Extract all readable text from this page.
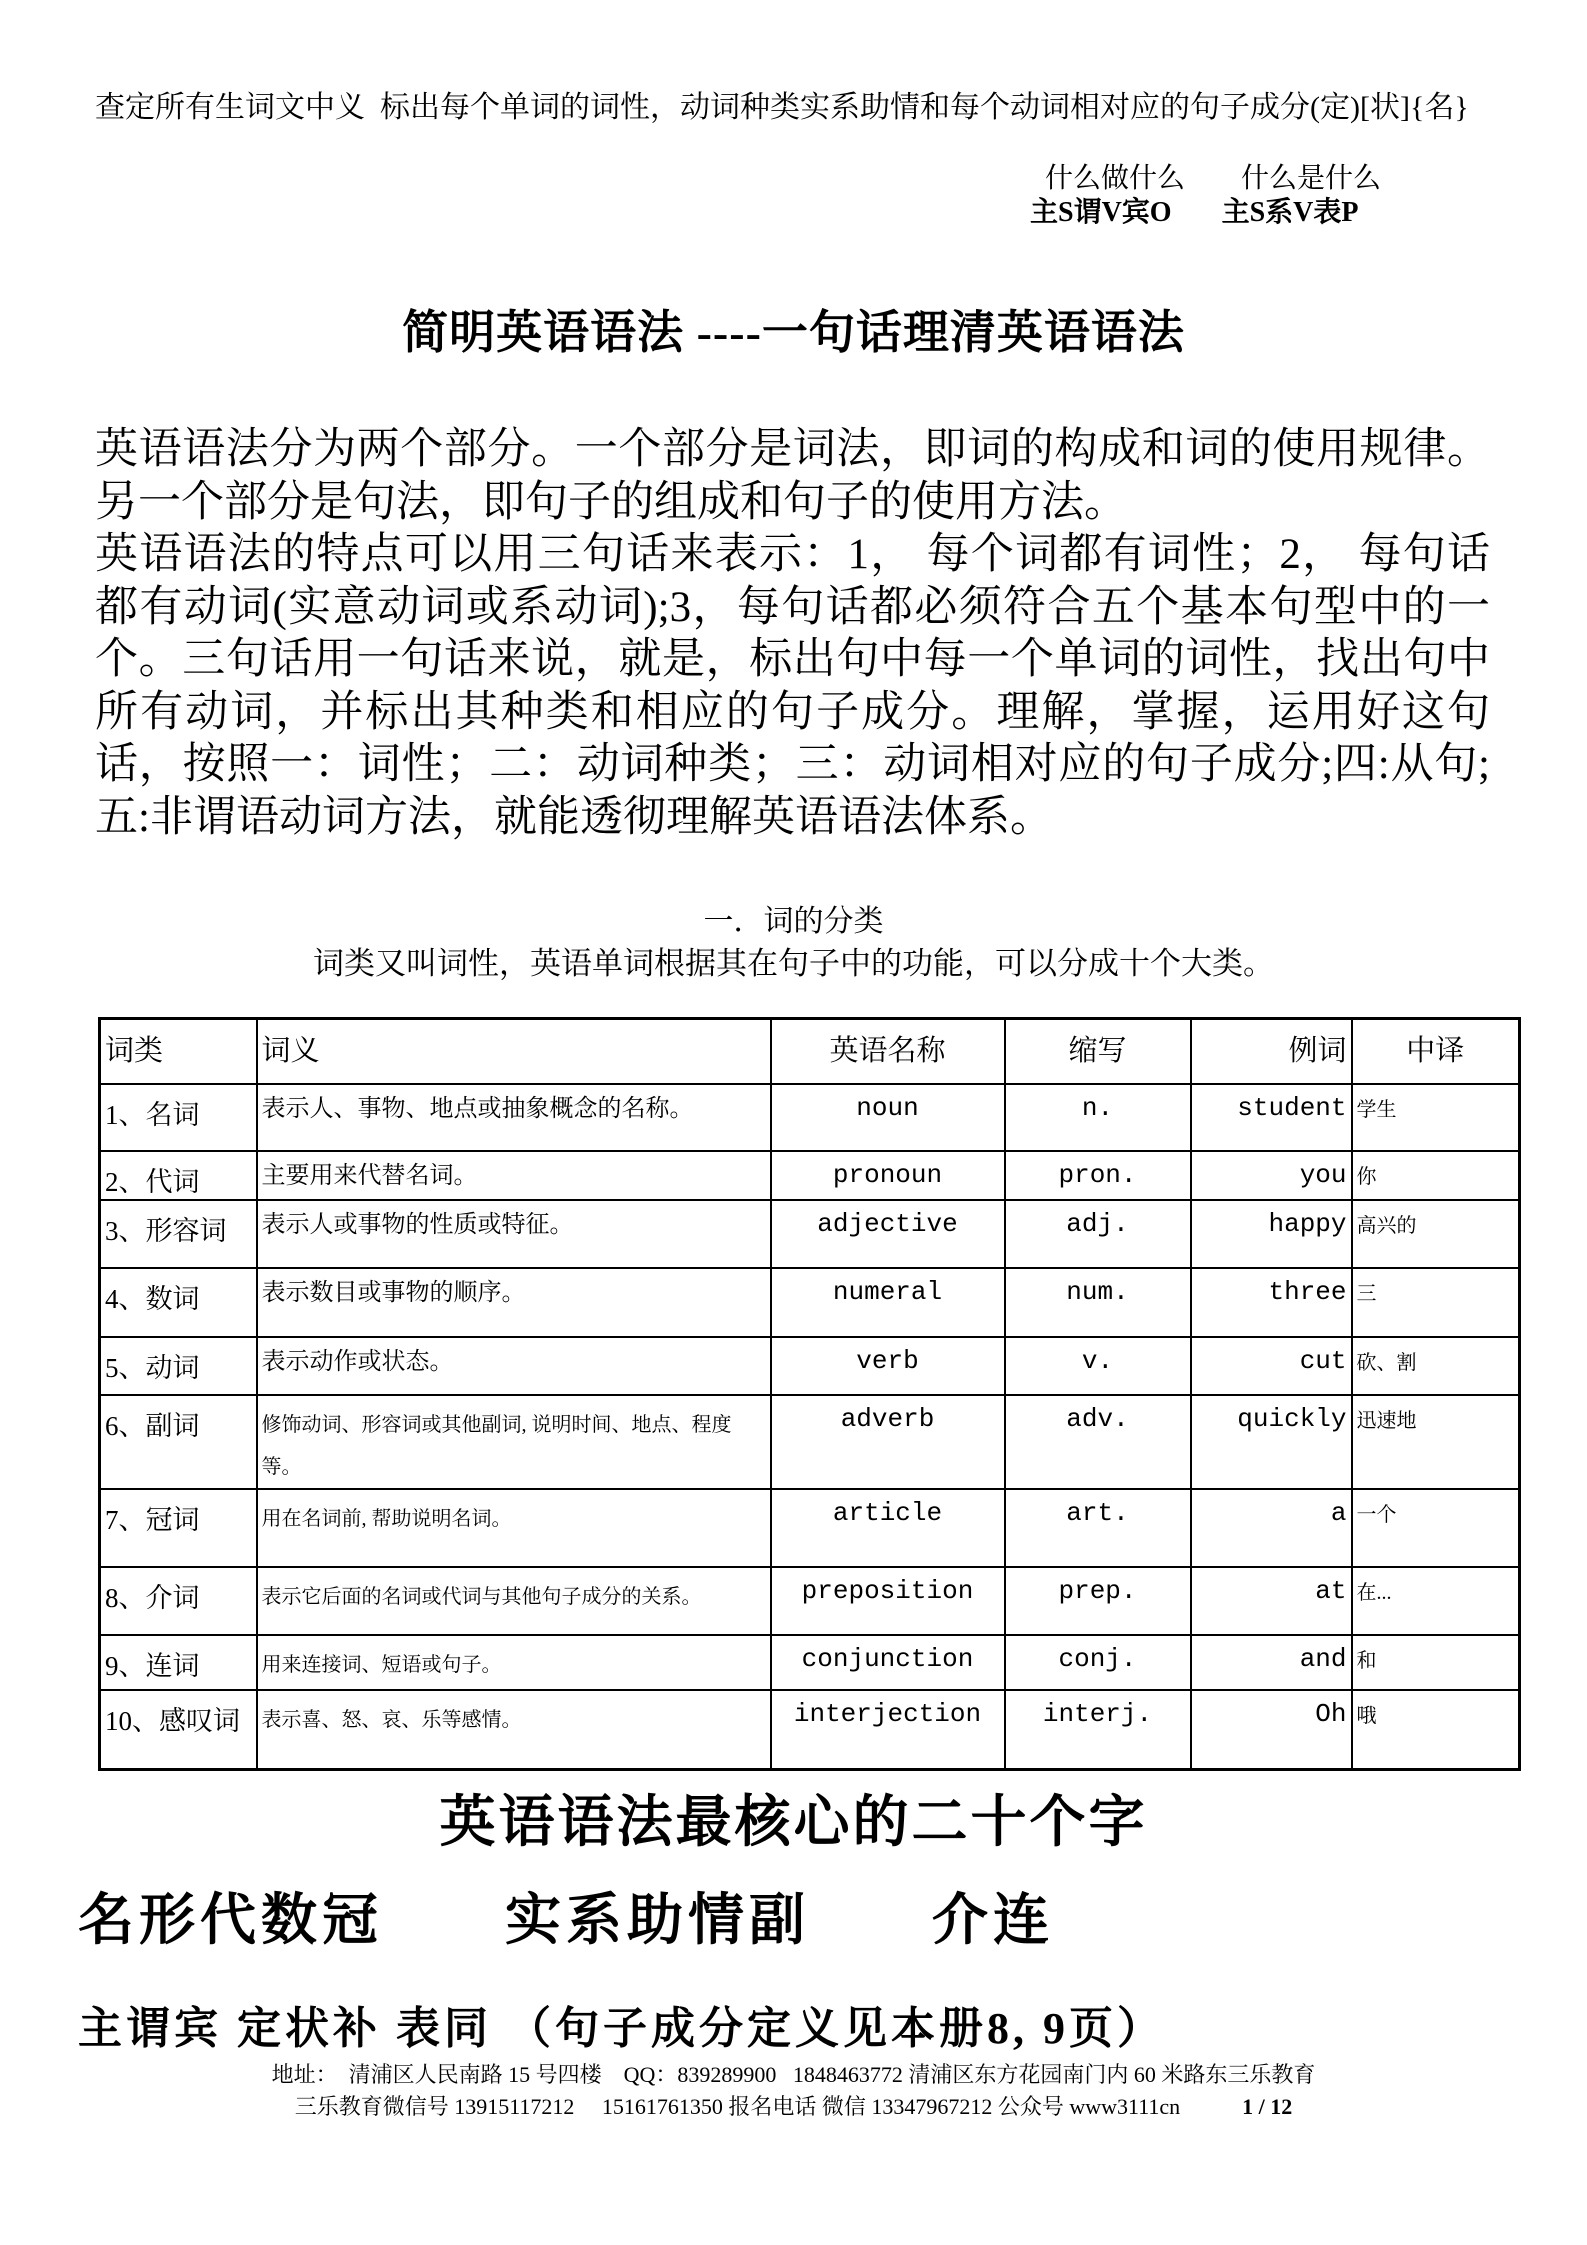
查定所有生词文中义  标出每个单词的词性，动词种类实系助情和每个动词相对应的句子成分(定)[状]{名}
什么做什么 什么是什么
主S谓V宾O 主S系V表P
简明英语语法 ----一句话理清英语语法

英语语法分为两个部分。一个部分是词法，即词的构成和词的使用规律。另一个部分是句法，即句子的组成和句子的使用方法。

英语语法的特点可以用三句话来表示：1， 每个词都有词性；2， 每句话都有动词(实意动词或系动词);3，每句话都必须符合五个基本句型中的一个。三句话用一句话来说，就是，标出句中每一个单词的词性，找出句中所有动词，并标出其种类和相应的句子成分。理解，掌握，运用好这句话，按照一：词性；二：动词种类；三：动词相对应的句子成分;四:从句;五:非谓语动词方法，就能透彻理解英语语法体系。

一．词的分类
词类又叫词性，英语单词根据其在句子中的功能，可以分成十个大类。
词类	词义	英语名称	缩写	例词	中译
1、名词	表示人、事物、地点或抽象概念的名称。	noun	n.	student	学生
2、代词	主要用来代替名词。	pronoun	pron.	you	你
3、形容词	表示人或事物的性质或特征。	adjective	adj.	happy	高兴的
4、数词	表示数目或事物的顺序。	numeral	num.	three	三
5、动词	表示动作或状态。	verb	v.	cut	砍、割
6、副词	修饰动词、形容词或其他副词, 说明时间、地点、程度等。	adverb	adv.	quickly	迅速地
7、冠词	用在名词前, 帮助说明名词。	article	art.	a	一个
8、介词	表示它后面的名词或代词与其他句子成分的关系。	preposition	prep.	at	在...
9、连词	用来连接词、短语或句子。	conjunction	conj.	and	和
10、感叹词	表示喜、怒、哀、乐等感情。	interjection	interj.	Oh	哦
英语语法最核心的二十个字
名形代数冠　　实系助情副　　介连
主谓宾 定状补 表同 （句子成分定义见本册8, 9页）
地址：  清浦区人民南路 15 号四楼    QQ：839289900   1848463772 清浦区东方花园南门内 60 米路东三乐教育
三乐教育微信号 13915117212     15161761350 报名电话 微信 13347967212 公众号 www3111cn	1 / 12
